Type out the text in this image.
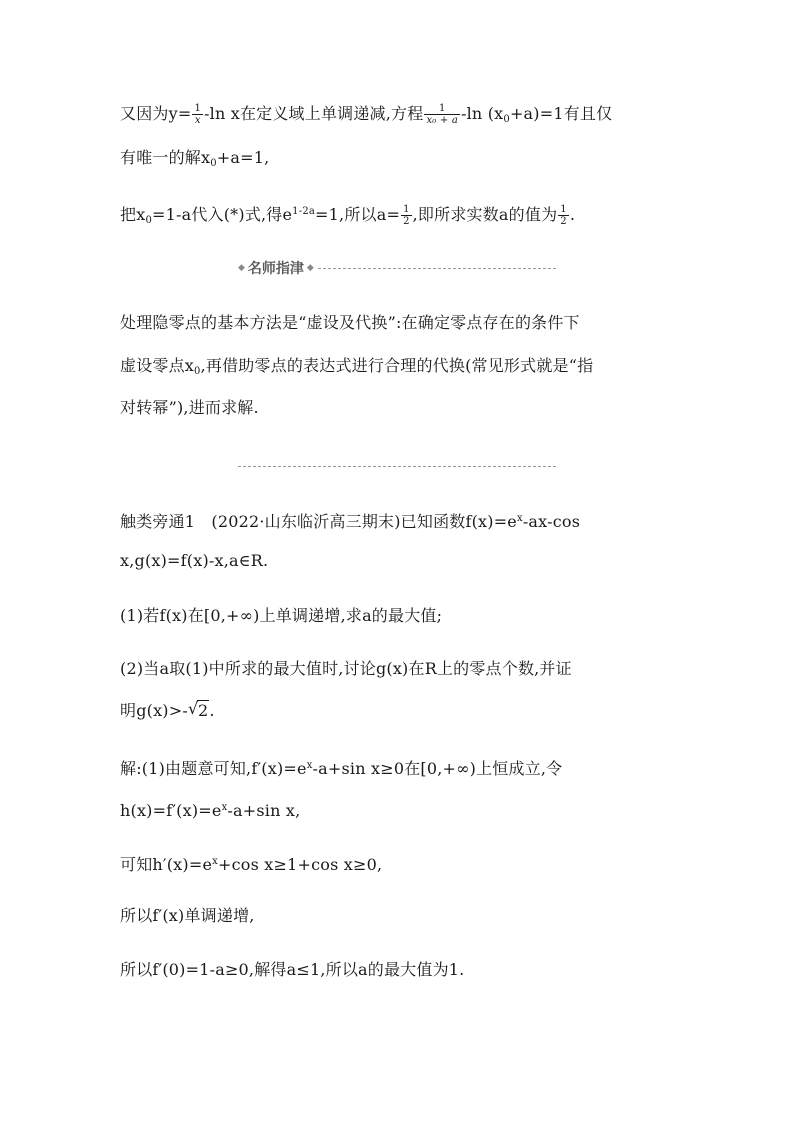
又因为$y= \frac{1}{x} -\ln$ x在定义域上单调递减,方程 $\frac{1}{\text{x₀ + a}} -\ln$ $(x_0+a)=1$有且仅
有唯一的解$x_0+a=1$,
把$x_0=1-a$代入(*)式,得$e^{1-2a}=1$,所以$a= \frac{1}{2}$ ,即所求实数a的值为 $\frac{1}{2}$ .
◆ 名师指津 ◆
处理隐零点的基本方法是“虚设及代换”:在确定零点存在的条件下
虚设零点$x_0$,再借助零点的表达式进行合理的代换(常见形式就是“指
对转幂”),进而求解.
触类旁通1　(2022·山东临沂高三期末)已知函数$f(x)=e^x-ax-\cos$
x,g(x)=f(x)-x,a∈R.
(1)若f(x)在[0,+∞)上单调递增,求a的最大值;
(2)当a取(1)中所求的最大值时,讨论g(x)在R上的零点个数,并证
明g(x)>- √ 2.
解:(1)由题意可知$,f'(x)=e^x-a+\sin$ x≥0在[0,+∞)上恒成立,令
$h(x)=f'(x)=e^x-a+\sin$ x,
可知$h'(x)=e^x+\cos$ x≥1+cos x≥0,
所以f′(x)单调递增,
所以f′(0)=1-a≥0,解得a≤1,所以a的最大值为1.
